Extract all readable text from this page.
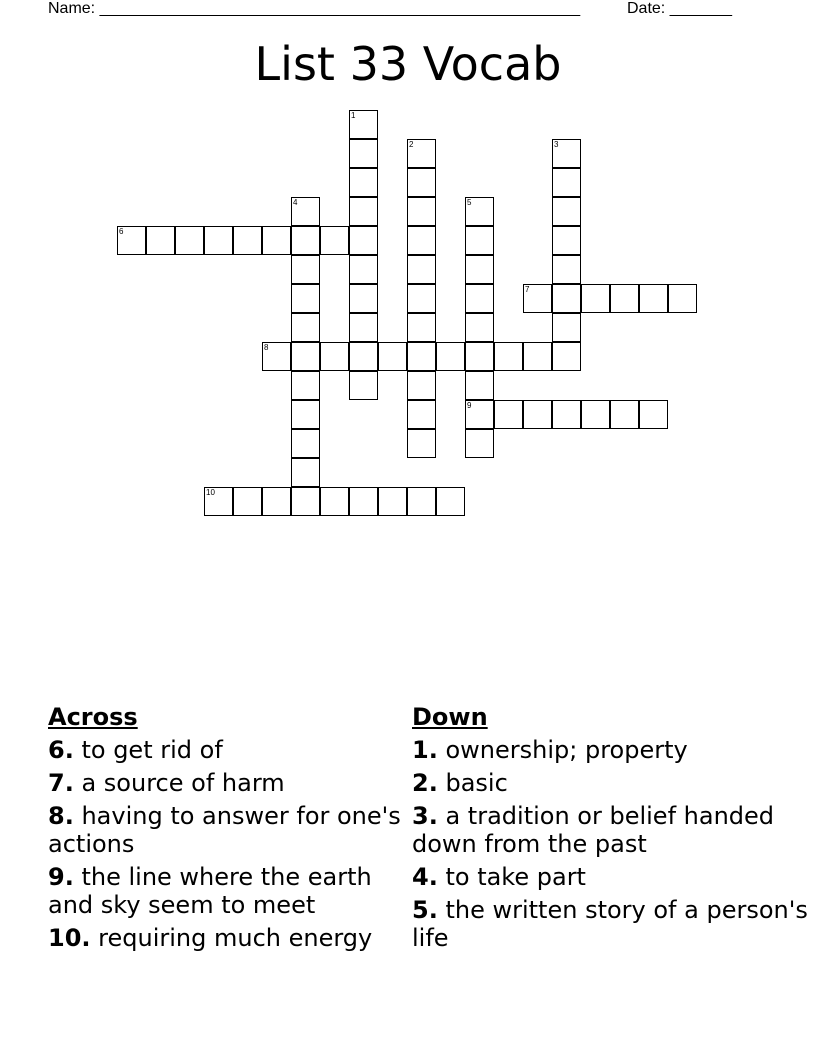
Name: ______________________________________________________	Date: _______
List 33 Vocab
1
2	3
4	5
9
6
7
8
10
Across
6. to get rid of
7. a source of harm
8. having to answer for one's actions
9. the line where the earth and sky seem to meet
10. requiring much energy
Down
1. ownership; property
2. basic
3. a tradition or belief handed down from the past
4. to take part
5. the written story of a person's life
